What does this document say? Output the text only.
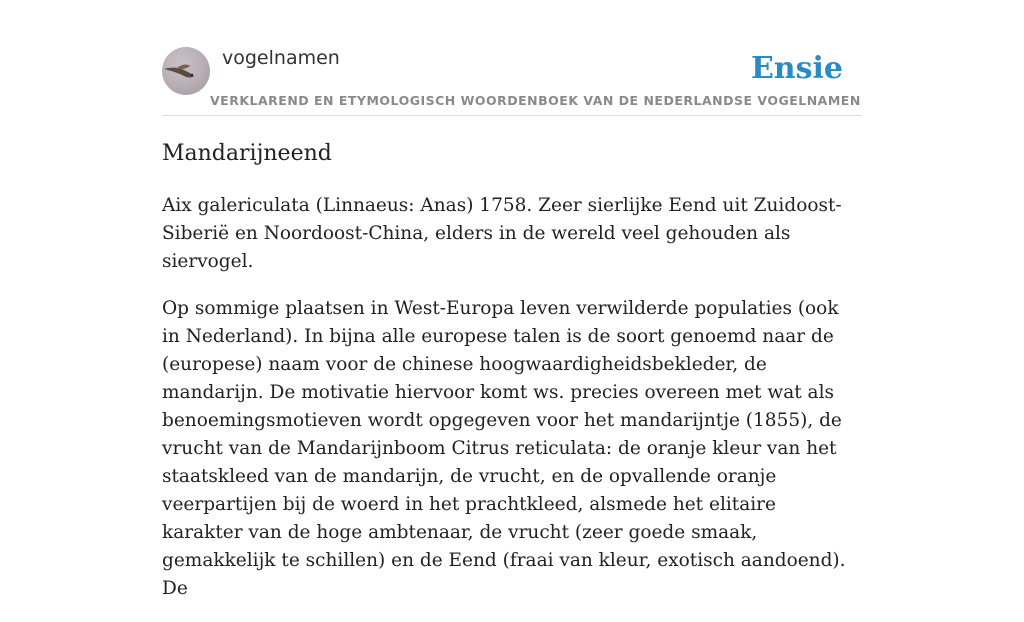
vogelnamen
VERKLAREND EN ETYMOLOGISCH WOORDENBOEK VAN DE NEDERLANDSE VOGELNAMEN
Ensie
Mandarijneend

Aix galericulata (Linnaeus: Anas) 1758. Zeer sierlijke Eend uit Zuidoost-Siberië en Noordoost-China, elders in de wereld veel gehouden als siervogel.

Op sommige plaatsen in West-Europa leven verwilderde populaties (ook in Nederland). In bijna alle europese talen is de soort genoemd naar de (europese) naam voor de chinese hoogwaardigheidsbekleder, de mandarijn. De motivatie hiervoor komt ws. precies overeen met wat als benoemingsmotieven wordt opgegeven voor het mandarijntje (1855), de vrucht van de Mandarijnboom Citrus reticulata: de oranje kleur van het staatskleed van de mandarijn, de vrucht, en de opvallende oranje veerpartijen bij de woerd in het prachtkleed, alsmede het elitaire karakter van de hoge ambtenaar, de vrucht (zeer goede smaak, gemakkelijk te schillen) en de Eend (fraai van kleur, exotisch aandoend). De
